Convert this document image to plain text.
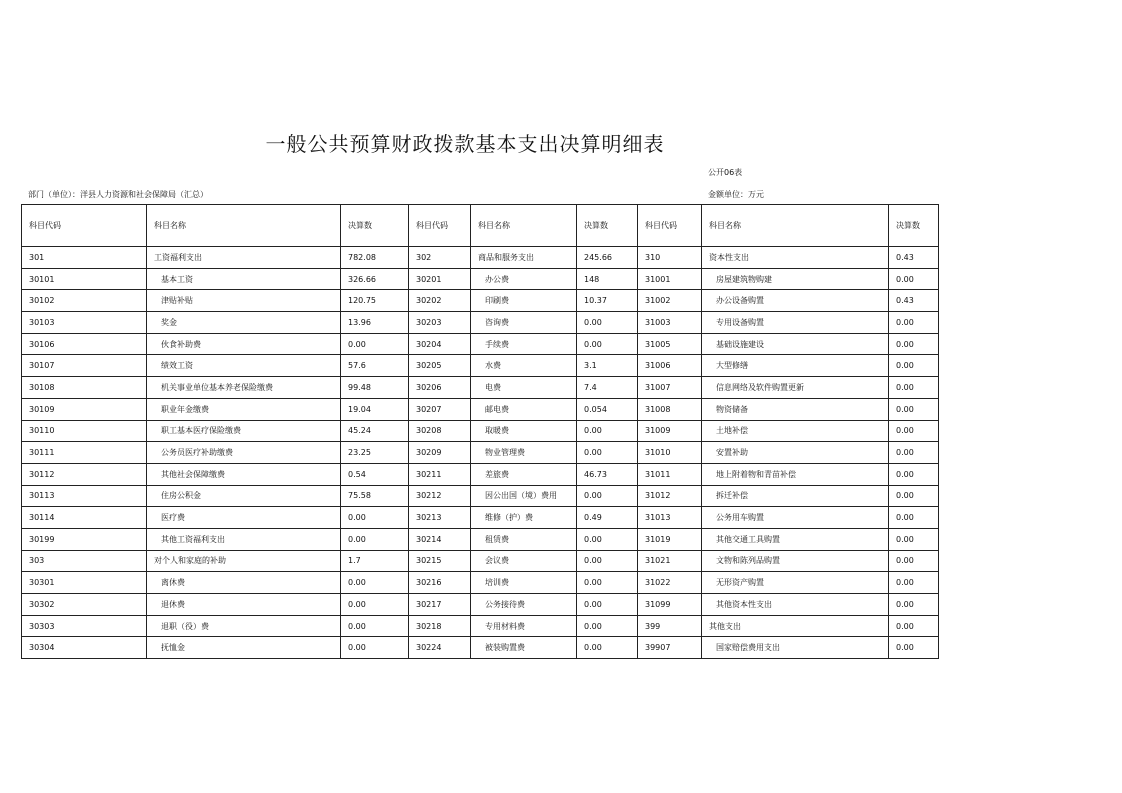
一般公共预算财政拨款基本支出决算明细表
公开06表
部门（单位）：洋县人力资源和社会保障局（汇总）	金额单位：万元
科目代码	科目名称	决算数	科目代码	科目名称	决算数	科目代码	科目名称	决算数
301	工资福利支出	782.08	302	商品和服务支出	245.66	310	资本性支出	0.43
30101	基本工资	326.66	30201	办公费	148	31001	房屋建筑物购建	0.00
30102	津贴补贴	120.75	30202	印刷费	10.37	31002	办公设备购置	0.43
30103	奖金	13.96	30203	咨询费	0.00	31003	专用设备购置	0.00
30106	伙食补助费	0.00	30204	手续费	0.00	31005	基础设施建设	0.00
30107	绩效工资	57.6	30205	水费	3.1	31006	大型修缮	0.00
30108	机关事业单位基本养老保险缴费	99.48	30206	电费	7.4	31007	信息网络及软件购置更新	0.00
30109	职业年金缴费	19.04	30207	邮电费	0.054	31008	物资储备	0.00
30110	职工基本医疗保险缴费	45.24	30208	取暖费	0.00	31009	土地补偿	0.00
30111	公务员医疗补助缴费	23.25	30209	物业管理费	0.00	31010	安置补助	0.00
30112	其他社会保障缴费	0.54	30211	差旅费	46.73	31011	地上附着物和青苗补偿	0.00
30113	住房公积金	75.58	30212	因公出国（境）费用	0.00	31012	拆迁补偿	0.00
30114	医疗费	0.00	30213	维修（护）费	0.49	31013	公务用车购置	0.00
30199	其他工资福利支出	0.00	30214	租赁费	0.00	31019	其他交通工具购置	0.00
303	对个人和家庭的补助	1.7	30215	会议费	0.00	31021	文物和陈列品购置	0.00
30301	离休费	0.00	30216	培训费	0.00	31022	无形资产购置	0.00
30302	退休费	0.00	30217	公务接待费	0.00	31099	其他资本性支出	0.00
30303	退职（役）费	0.00	30218	专用材料费	0.00	399	其他支出	0.00
30304	抚恤金	0.00	30224	被装购置费	0.00	39907	国家赔偿费用支出	0.00
